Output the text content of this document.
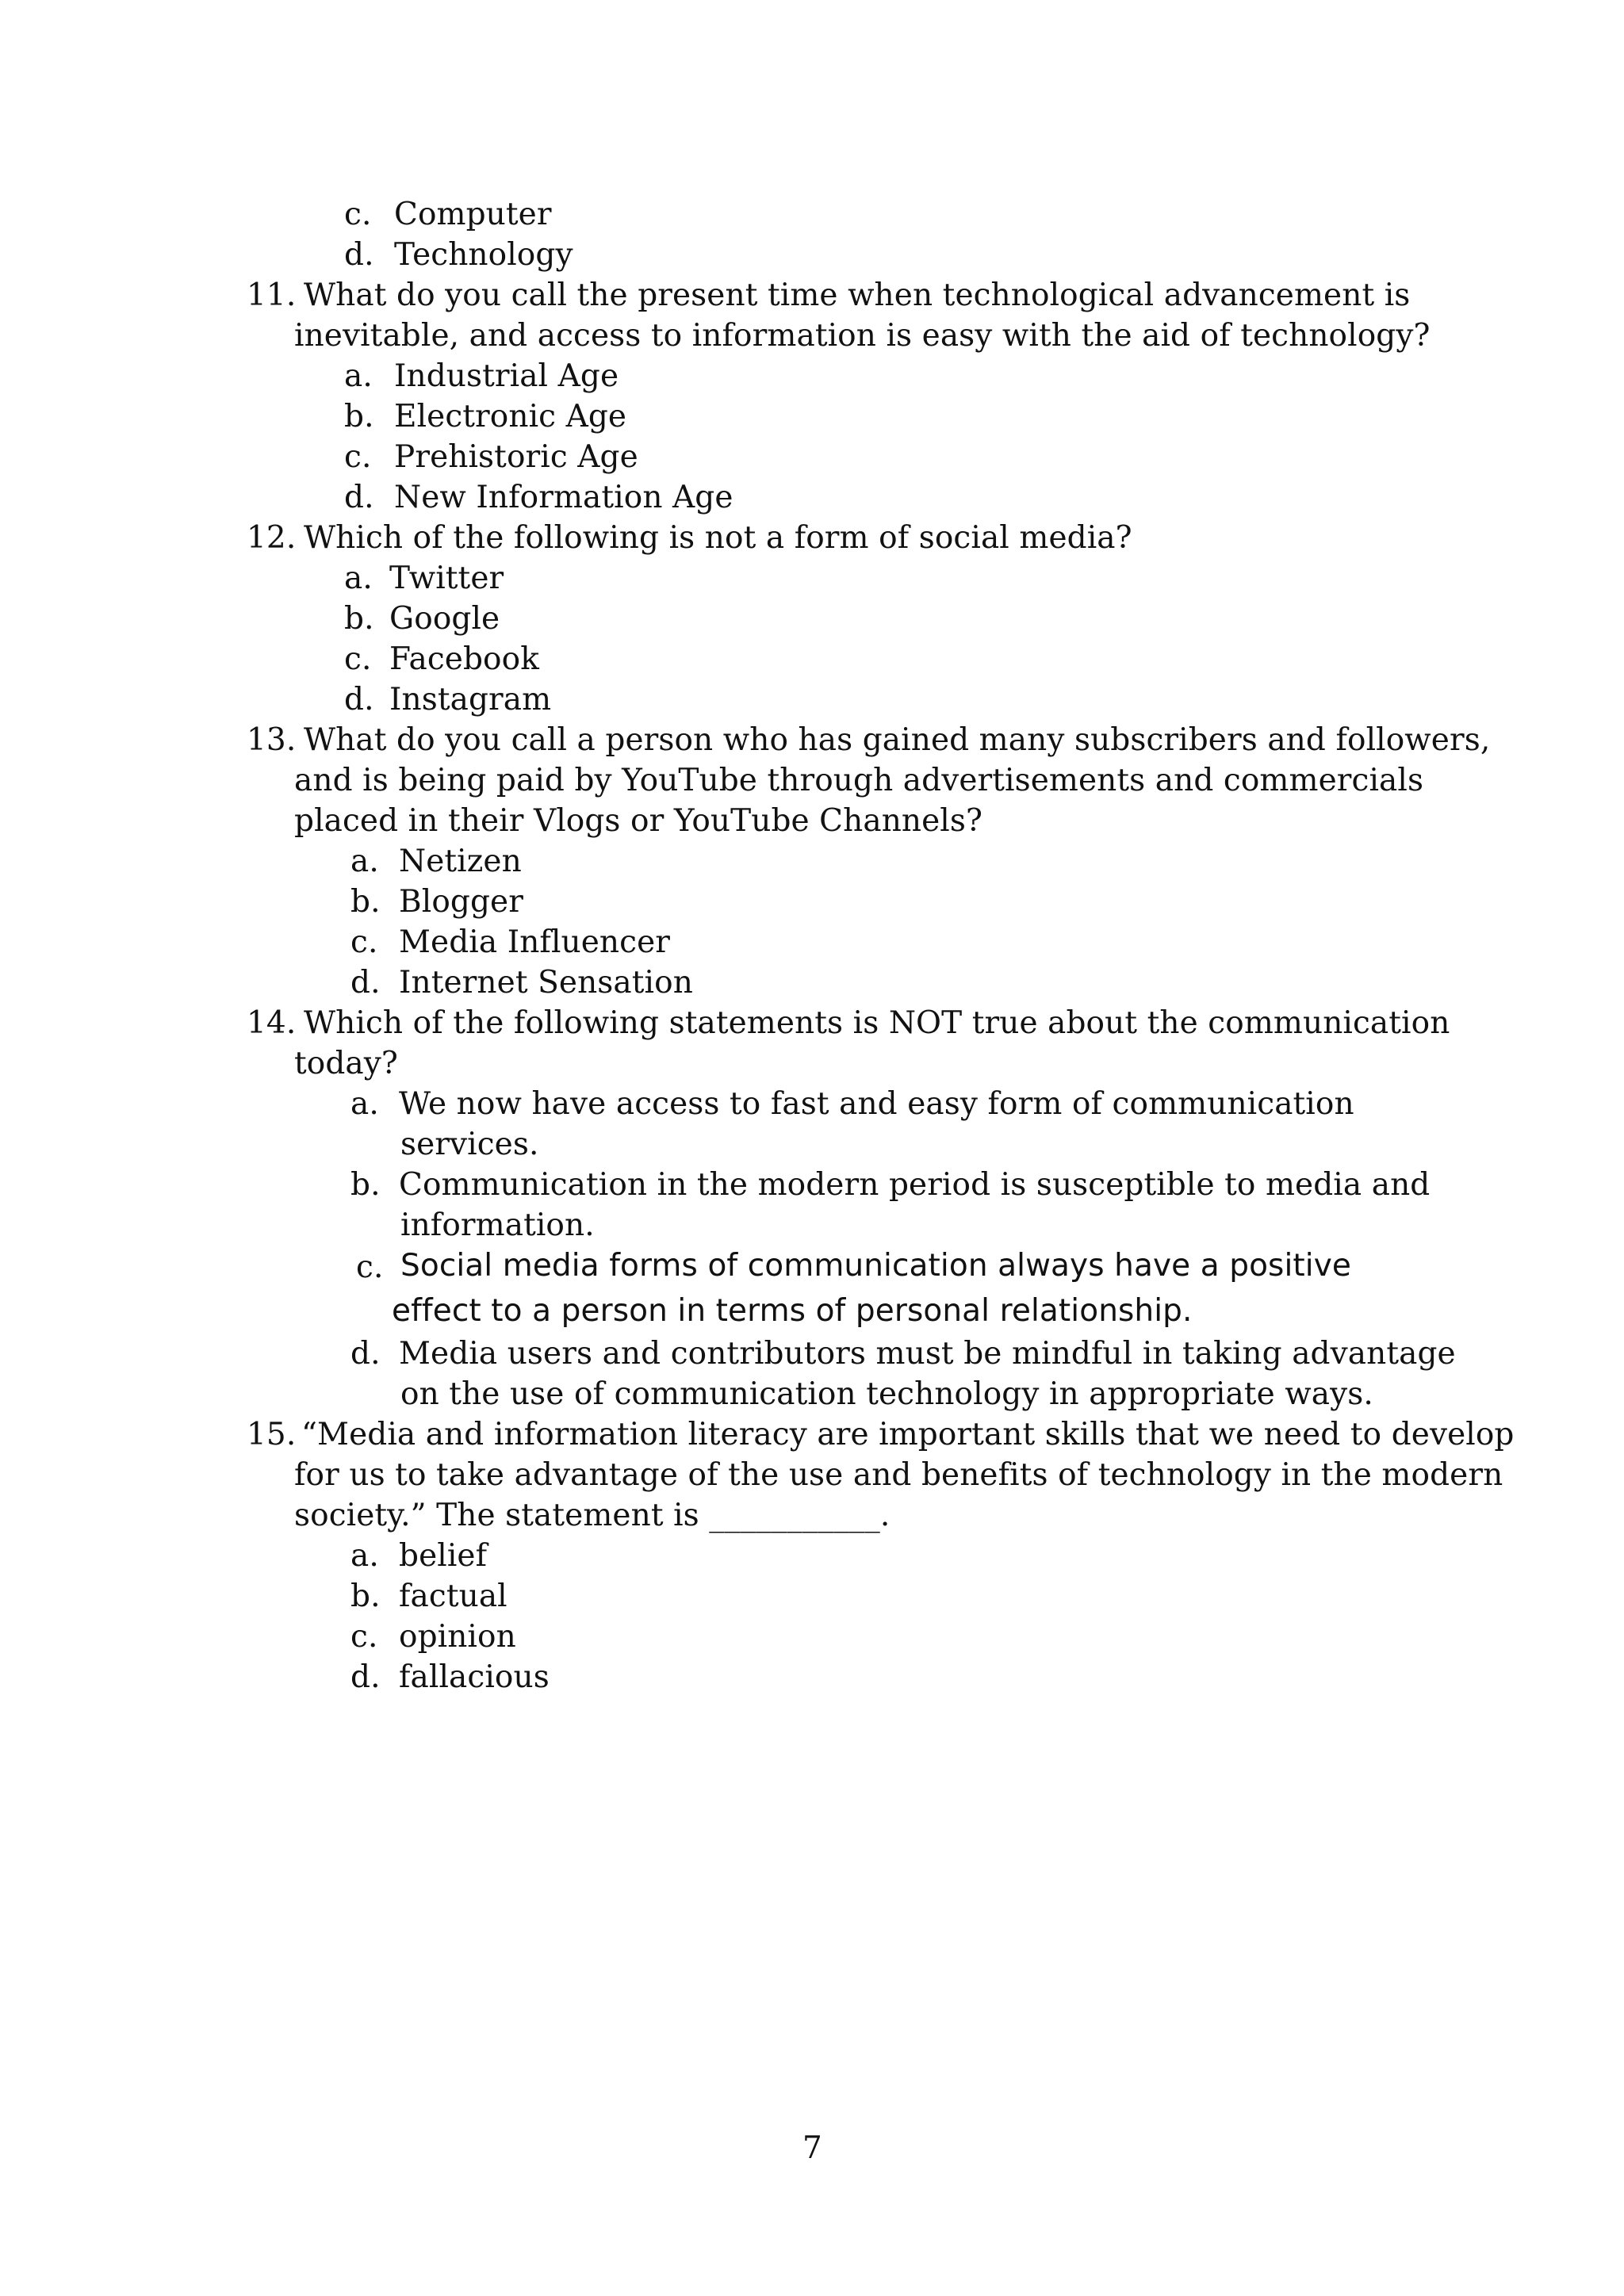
c. Computer
d. Technology
11. What do you call the present time when technological advancement is
inevitable, and access to information is easy with the aid of technology?
a. Industrial Age
b. Electronic Age
c. Prehistoric Age
d. New Information Age
12. Which of the following is not a form of social media?
a. Twitter
b. Google
c. Facebook
d. Instagram
13. What do you call a person who has gained many subscribers and followers,
and is being paid by YouTube through advertisements and commercials
placed in their Vlogs or YouTube Channels?
a. Netizen
b. Blogger
c. Media Influencer
d. Internet Sensation
14. Which of the following statements is NOT true about the communication
today?
a. We now have access to fast and easy form of communication
services.
b. Communication in the modern period is susceptible to media and
information.
c. Social media forms of communication always have a positive
effect to a person in terms of personal relationship.
d. Media users and contributors must be mindful in taking advantage
on the use of communication technology in appropriate ways.
15. “Media and information literacy are important skills that we need to develop
for us to take advantage of the use and benefits of technology in the modern
society.” The statement is ___________.
a. belief
b. factual
c. opinion
d. fallacious
7
